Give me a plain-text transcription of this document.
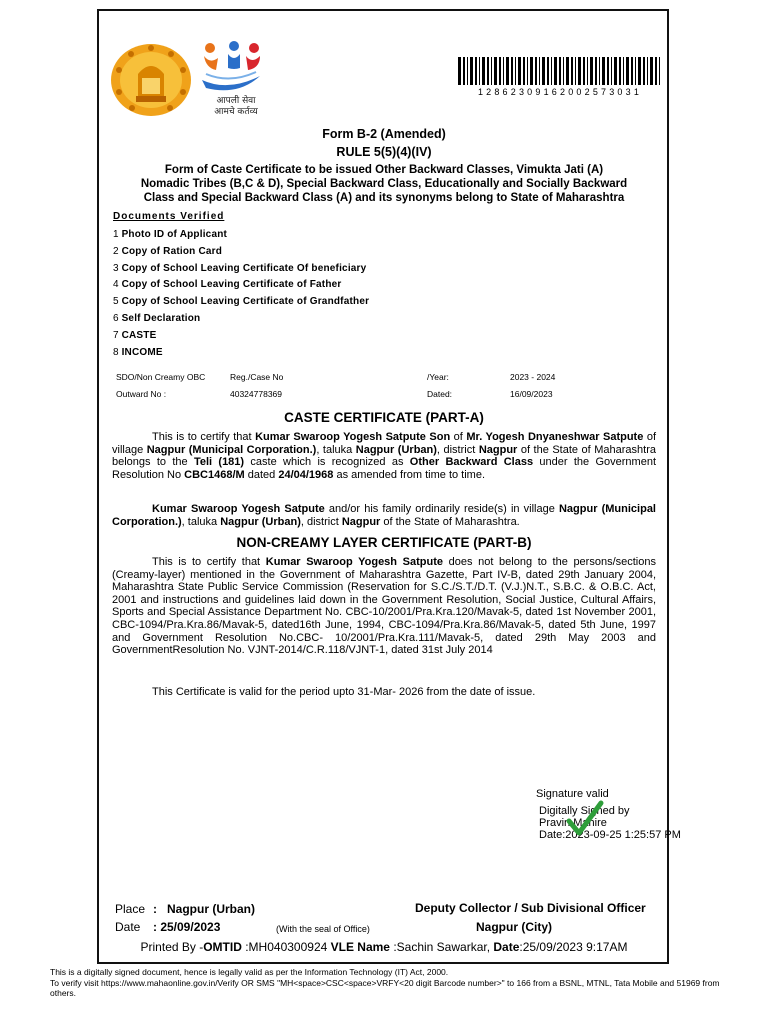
आपली सेवा
आमचे कर्तव्य
12862309162002573031
Form B-2 (Amended)
RULE 5(5)(4)(IV)
Form of Caste Certificate to be issued Other Backward Classes, Vimukta Jati (A) Nomadic Tribes (B,C & D), Special Backward Class, Educationally and Socially Backward Class and Special Backward Class (A) and its synonyms belong to State of Maharashtra
Documents Verified
1 Photo ID of Applicant
2 Copy of Ration Card
3 Copy of School Leaving Certificate Of beneficiary
4 Copy of School Leaving Certificate of Father
5 Copy of School Leaving Certificate of Grandfather
6 Self Declaration
7 CASTE
8 INCOME
SDO/Non Creamy OBC	Reg./Case No	/Year:	2023 - 2024
Outward No :	40324778369	Dated:	16/09/2023
CASTE CERTIFICATE (PART-A)
This is to certify that Kumar Swaroop Yogesh Satpute Son of Mr. Yogesh Dnyaneshwar Satpute of village Nagpur (Municipal Corporation.), taluka Nagpur (Urban), district Nagpur of the State of Maharashtra belongs to the Teli (181) caste which is recognized as Other Backward Class under the Government Resolution No CBC1468/M dated 24/04/1968 as amended from time to time.
Kumar Swaroop Yogesh Satpute and/or his family ordinarily reside(s) in village Nagpur (Municipal Corporation.), taluka Nagpur (Urban), district Nagpur of the State of Maharashtra.
NON-CREAMY LAYER CERTIFICATE (PART-B)
This is to certify that Kumar Swaroop Yogesh Satpute does not belong to the persons/sections (Creamy-layer) mentioned in the Government of Maharashtra Gazette, Part IV-B, dated 29th January 2004, Maharashtra State Public Service Commission (Reservation for S.C./S.T./D.T. (V.J.)N.T., S.B.C. & O.B.C. Act, 2001 and instructions and guidelines laid down in the Government Resolution, Social Justice, Cultural Affairs, Sports and Special Assistance Department No. CBC-10/2001/Pra.Kra.120/Mavak-5, dated 1st November 2001, CBC-1094/Pra.Kra.86/Mavak-5, dated16th June, 1994, CBC-1094/Pra.Kra.86/Mavak-5, dated 5th June, 1997 and Government Resolution No.CBC- 10/2001/Pra.Kra.111/Mavak-5, dated 29th May 2003 and GovernmentResolution No. VJNT-2014/C.R.118/VJNT-1, dated 31st July 2014
This Certificate is valid for the period upto 31-Mar- 2026 from the date of issue.
Signature valid
Digitally Signed by
Pravin Mahire
Date:2023-09-25 1:25:57 PM
Place : Nagpur (Urban)
Date : 25/09/2023	(With the seal of Office)
Deputy Collector / Sub Divisional Officer
Nagpur (City)
Printed By -OMTID :MH040300924 VLE Name :Sachin Sawarkar, Date:25/09/2023 9:17AM
This is a digitally signed document, hence is legally valid as per the Information Technology (IT) Act, 2000.
To verify visit https://www.mahaonline.gov.in/Verify OR SMS "MH<space>CSC<space>VRFY<20 digit Barcode number>" to 166 from a BSNL, MTNL, Tata Mobile and 51969 from others.
